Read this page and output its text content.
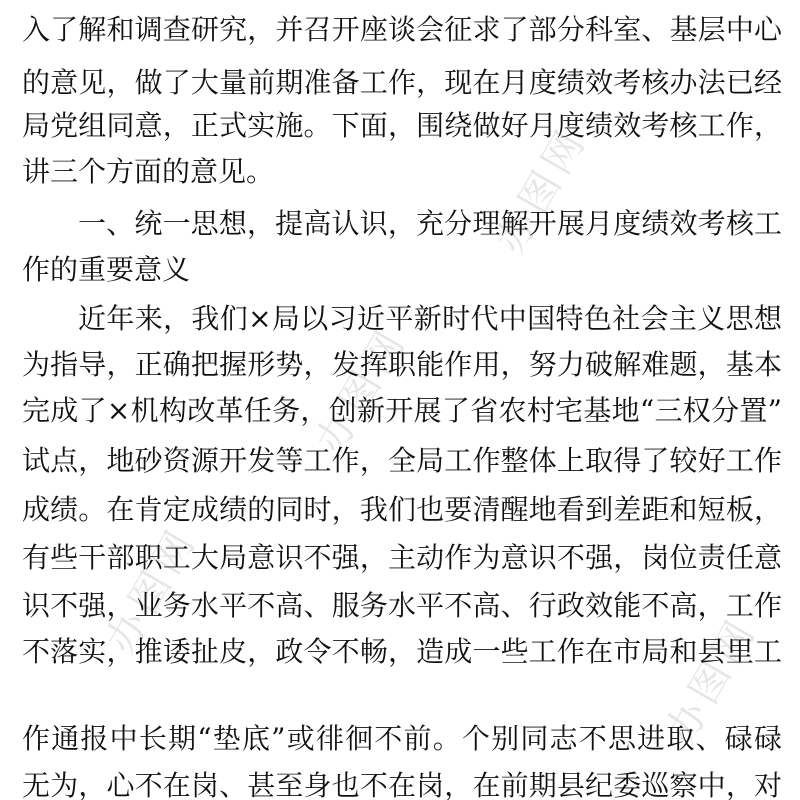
办图网
办图网
办图网
办图网
入了解和调查研究，并召开座谈会征求了部分科室、基层中心
的意见，做了大量前期准备工作，现在月度绩效考核办法已经
局党组同意，正式实施。下面，围绕做好月度绩效考核工作，
讲三个方面的意见。
一、统一思想，提高认识，充分理解开展月度绩效考核工
作的重要意义
近年来，我们×局以习近平新时代中国特色社会主义思想
为指导，正确把握形势，发挥职能作用，努力破解难题，基本
完成了×机构改革任务，创新开展了省农村宅基地“三权分置”
试点，地砂资源开发等工作，全局工作整体上取得了较好工作
成绩。在肯定成绩的同时，我们也要清醒地看到差距和短板，
有些干部职工大局意识不强，主动作为意识不强，岗位责任意
识不强，业务水平不高、服务水平不高、行政效能不高，工作
不落实，推诿扯皮，政令不畅，造成一些工作在市局和县里工
作通报中长期“垫底”或徘徊不前。个别同志不思进取、碌碌
无为，心不在岗、甚至身也不在岗，在前期县纪委巡察中，对
